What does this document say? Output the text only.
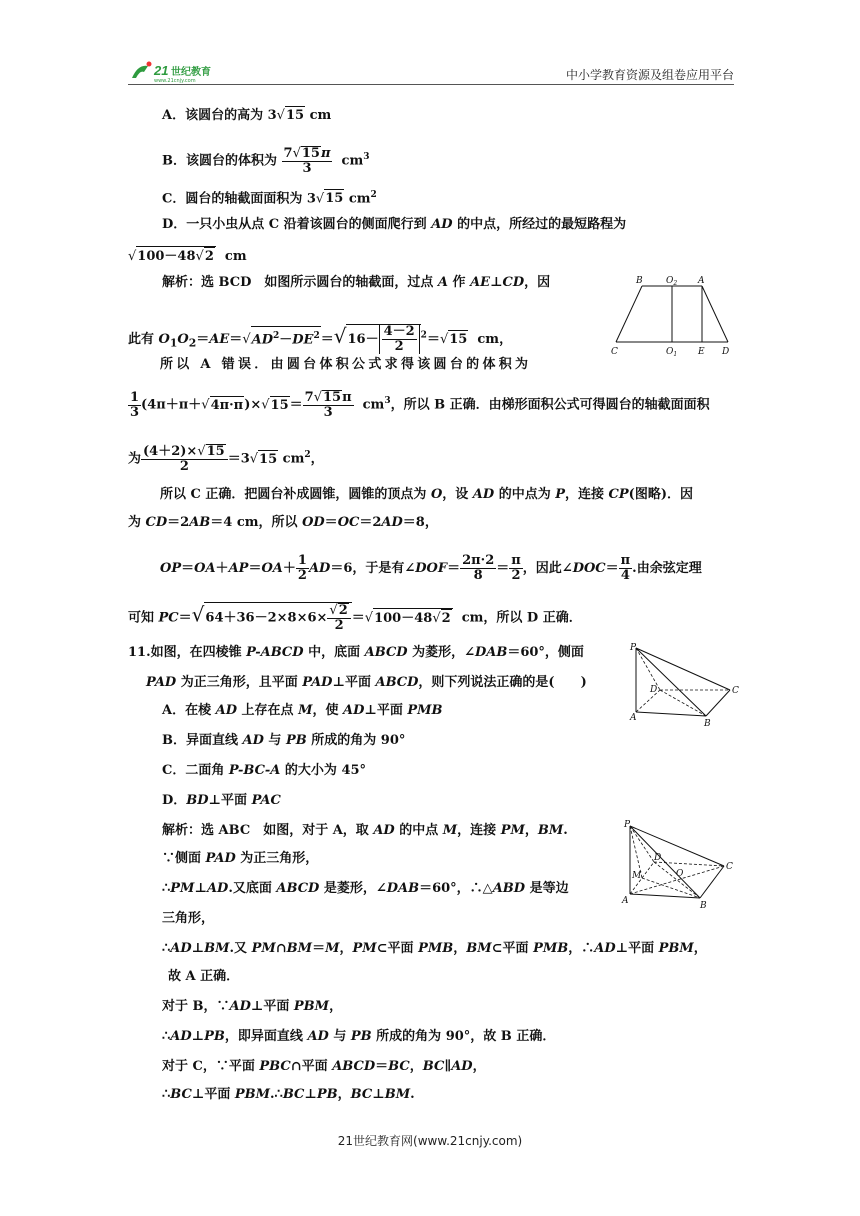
21 世纪教育
www.21cnjy.com	中小学教育资源及组卷应用平台
A．该圆台的高为 3√15 cm
B．该圆台的体积为 $\frac{7√15\pi}{3} cm^3$
C．圆台的轴截面面积为 3√15 $cm^2$
D．一只小虫从点 C 沿着该圆台的侧面爬行到 AD 的中点，所经过的最短路程为
√100－48√2  cm
解析：选 BCD　如图所示圆台的轴截面，过点 A 作 AE⊥CD，因
此有 $O_1O_2=AE=√AD^2-DE^2=√16- \frac{4-2}{2} ^2=√15$  cm，
所以 A 错误．由圆台体积公式求得该圆台的体积为
$\frac{1}{3} (4\pi+\pi+√4\pi\cdot\pi)\times√15= \frac{7√15\pi}{3} cm^3$，所以 B 正确．由梯形面积公式可得圆台的轴截面面积
为 $\frac{(4+2)\times√15}{2} =3√15$ $cm^2$，
所以 C 正确．把圆台补成圆锥，圆锥的顶点为 O，设 AD 的中点为 P，连接 CP(图略)．因
为 CD＝2AB＝4 cm，所以 OD＝OC＝2AD＝8，
$OP=OA+AP=OA+ \frac{1}{2} AD=6$，于是有∠DOF＝ $\frac{2\pi\cdot 2}{8} = \frac{\pi}{2}$ ，因此∠DOC＝ $\frac{\pi}{4}$ .由余弦定理
可知 $PC=√64+36-2\times 8\times 6\times \frac{√2}{2} =√100-48√2$  cm，所以 D 正确．
11.如图，在四棱锥 P-ABCD 中，底面 ABCD 为菱形，∠DAB＝60°，侧面
PAD 为正三角形，且平面 PAD⊥平面 ABCD，则下列说法正确的是(　　)
A．在棱 AD 上存在点 M，使 AD⊥平面 PMB
B．异面直线 AD 与 PB 所成的角为 90°
C．二面角 P-BC-A 的大小为 45°
D．BD⊥平面 PAC
解析：选 ABC　如图，对于 A，取 AD 的中点 M，连接 PM，BM.
∵侧面 PAD 为正三角形，
∴PM⊥AD.又底面 ABCD 是菱形，∠DAB＝60°，∴△ABD 是等边
三角形，
∴AD⊥BM.又 PM∩BM＝M，PM⊂平面 PMB，BM⊂平面 PMB，∴AD⊥平面 PBM，
故 A 正确．
对于 B，∵AD⊥平面 PBM，
∴AD⊥PB，即异面直线 AD 与 PB 所成的角为 90°，故 B 正确．
对于 C，∵平面 PBC∩平面 ABCD＝BC，BC∥AD，
∴BC⊥平面 PBM.∴BC⊥PB，BC⊥BM.
B	$O_2$ A
C	$O_1$ E D
P
D	C
A
B
P
D
O
C
M
A	B
21世纪教育网(www.21cnjy.com)
